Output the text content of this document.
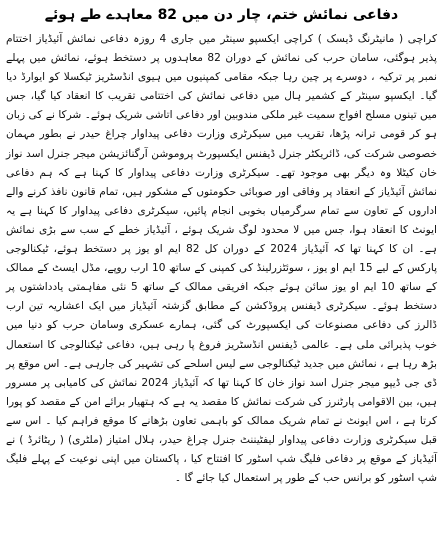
دفاعی نمائش ختم، چار دن میں 82 معاہدے طے ہوئے

کراچی ( مانیٹرنگ ڈیسک ) کراچی ایکسپو سینٹر میں جاری 4 روزہ دفاعی نمائش آئیڈیاز اختتام پذیر ہوگئی، سامان حرب کی نمائش کے دوران 82 معاہدوں پر دستخط ہوئے، نمائش میں پہلے نمبر پر ترکیہ ، دوسرے پر چین رہا جبکہ مقامی کمپنیوں میں ہیوی انڈسٹریز ٹیکسلا کو ایوارڈ دیا گیا۔ ایکسپو سینٹر کے کشمیر ہال میں دفاعی نمائش کی اختتامی تقریب کا انعقاد کیا گیا، جس میں تینوں مسلح افواج سمیت غیر ملکی مندوبین اور دفاعی اتاشی شریک ہوئے۔ شرکا نے کی زبان ہو کر قومی ترانہ پڑھا، تقریب میں سیکرٹری وزارت دفاعی پیداوار چراغ حیدر نے بطور مہمان خصوصی شرکت کی، ڈائریکٹر جنرل ڈیفنس ایکسپورٹ پروموشن آرگنائزیشن میجر جنرل اسد نواز خان کیٹلا وہ دیگر بھی موجود تھے۔ سیکرٹری وزارت دفاعی پیداوار کا کہنا ہے کہ ہم دفاعی نمائش آئیڈیاز کے انعقاد پر وفاقی اور صوبائی حکومتوں کے مشکور ہیں، تمام قانون نافذ کرنے والے اداروں کے تعاون سے تمام سرگرمیاں بخوبی انجام پائیں، سیکرٹری دفاعی پیداوار کا کہنا ہے یہ ایونٹ کا انعقاد ہوا، جس میں لا محدود لوگ شریک ہوئے ، آئیڈیاز خطے کے سب سے بڑی نمائش ہے۔ ان کا کہنا تھا کہ آئیڈیاز 2024 کے دوران کل 82 ایم او یوز پر دستخط ہوئے، ٹیکنالوجی پارکس کے لیے 15 ایم او یوز ، سوئٹزرلینڈ کی کمپنی کے ساتھ 10 ارب روپے، مڈل ایسٹ کے ممالک کے ساتھ 10 ایم او یوز سائن ہوئے جبکہ افریقی ممالک کے ساتھ 5 نئی مفاہمتی یادداشتوں پر دستخط ہوئے۔ سیکرٹری ڈیفنس پروڈکشن کے مطابق گزشتہ آئیڈیاز میں ایک اعشاریہ تین ارب ڈالرز کی دفاعی مصنوعات کی ایکسپورٹ کی گئی، ہمارے عسکری وسامان حرب کو دنیا میں خوب پذیرائی ملی ہے۔ عالمی ڈیفنس انڈسٹریز فروغ پا رہی ہیں، دفاعی ٹیکنالوجی کا استعمال بڑھ رہا ہے ، نمائش میں جدید ٹیکنالوجی سے لیس اسلحے کی تشہیر کی جارہی ہے۔ اس موقع پر ڈی جی ڈیپو میجر جنرل اسد نواز خان کا کہنا تھا کہ آئیڈیاز 2024 نمائش کی کامیابی پر مسرور ہیں، بین الاقوامی پارٹنرز کی شرکت نمائش کا مقصد یہ ہے کہ ہتھیار برائے امن کے مقصد کو پورا کرتا ہے ، اس ایونٹ نے تمام شریک ممالک کو باہمی تعاون بڑھانے کا موقع فراہم کیا ۔ اس سے قبل سیکرٹری وزارت دفاعی پیداوار لیفٹیننٹ جنرل چراغ حیدر، ہلال امتیاز (ملٹری) ( ریٹائرڈ ) نے آئیڈیاز کے موقع پر دفاعی فلیگ شپ اسٹور کا افتتاح کیا ، پاکستان میں اپنی نوعیت کے پہلے فلیگ شپ اسٹور کو برانس حب کے طور پر استعمال کیا جائے گا ۔
